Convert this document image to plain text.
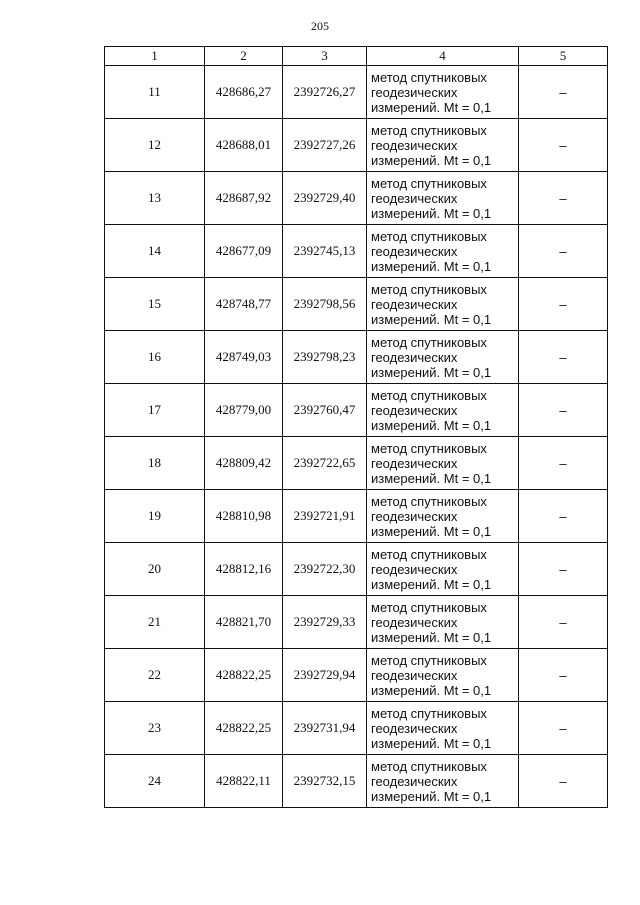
205
1	2	3	4	5
11	428686,27	2392726,27	метод спутниковых
геодезических
измерений. Mt = 0,1	–
12	428688,01	2392727,26	метод спутниковых
геодезических
измерений. Mt = 0,1	–
13	428687,92	2392729,40	метод спутниковых
геодезических
измерений. Mt = 0,1	–
14	428677,09	2392745,13	метод спутниковых
геодезических
измерений. Mt = 0,1	–
15	428748,77	2392798,56	метод спутниковых
геодезических
измерений. Mt = 0,1	–
16	428749,03	2392798,23	метод спутниковых
геодезических
измерений. Mt = 0,1	–
17	428779,00	2392760,47	метод спутниковых
геодезических
измерений. Mt = 0,1	–
18	428809,42	2392722,65	метод спутниковых
геодезических
измерений. Mt = 0,1	–
19	428810,98	2392721,91	метод спутниковых
геодезических
измерений. Mt = 0,1	–
20	428812,16	2392722,30	метод спутниковых
геодезических
измерений. Mt = 0,1	–
21	428821,70	2392729,33	метод спутниковых
геодезических
измерений. Mt = 0,1	–
22	428822,25	2392729,94	метод спутниковых
геодезических
измерений. Mt = 0,1	–
23	428822,25	2392731,94	метод спутниковых
геодезических
измерений. Mt = 0,1	–
24	428822,11	2392732,15	метод спутниковых
геодезических
измерений. Mt = 0,1	–
